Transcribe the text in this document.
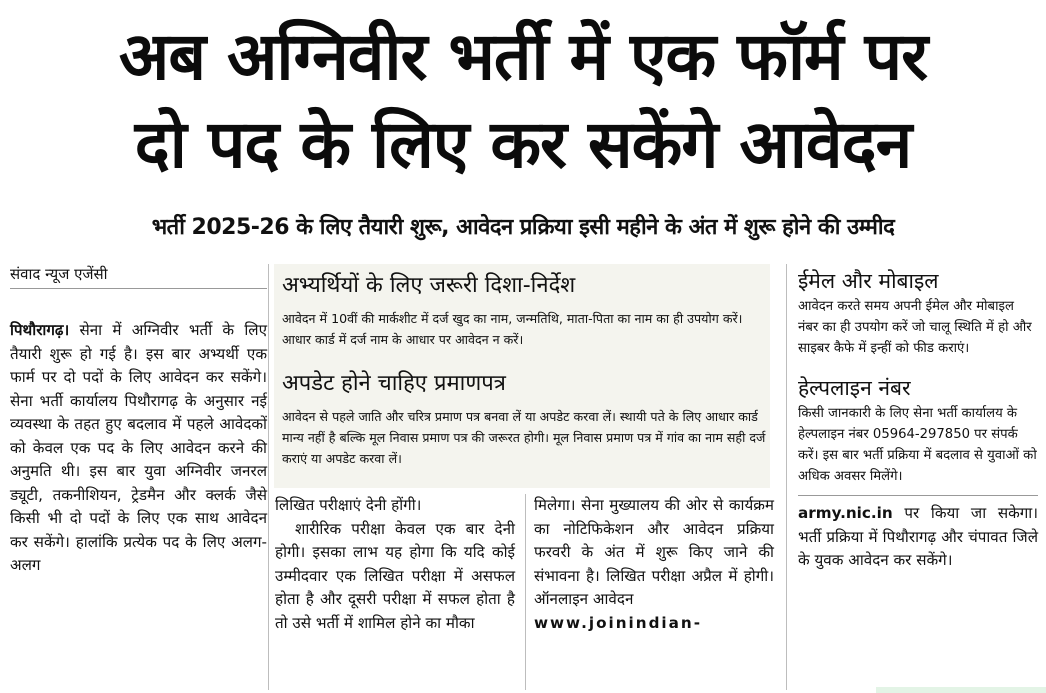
अब अग्निवीर भर्ती में एक फॉर्म पर
दो पद के लिए कर सकेंगे आवेदन
भर्ती 2025-26 के लिए तैयारी शुरू, आवेदन प्रक्रिया इसी महीने के अंत में शुरू होने की उम्मीद

संवाद न्यूज एजेंसी

पिथौरागढ़। सेना में अग्निवीर भर्ती के लिए तैयारी शुरू हो गई है। इस बार अभ्यर्थी एक फार्म पर दो पदों के लिए आवेदन कर सकेंगे। सेना भर्ती कार्यालय पिथौरागढ़ के अनुसार नई व्यवस्था के तहत हुए बदलाव में पहले आवेदकों को केवल एक पद के लिए आवेदन करने की अनुमति थी। इस बार युवा अग्निवीर जनरल ड्यूटी, तकनीशियन, ट्रेडमैन और क्लर्क जैसे किसी भी दो पदों के लिए एक साथ आवेदन कर सकेंगे। हालांकि प्रत्येक पद के लिए अलग-अलग

अभ्यर्थियों के लिए जरूरी दिशा-निर्देश

आवेदन में 10वीं की मार्कशीट में दर्ज खुद का नाम, जन्मतिथि, माता-पिता का नाम का ही उपयोग करें। आधार कार्ड में दर्ज नाम के आधार पर आवेदन न करें।

अपडेट होने चाहिए प्रमाणपत्र

आवेदन से पहले जाति और चरित्र प्रमाण पत्र बनवा लें या अपडेट करवा लें। स्थायी पते के लिए आधार कार्ड मान्य नहीं है बल्कि मूल निवास प्रमाण पत्र की जरूरत होगी। मूल निवास प्रमाण पत्र में गांव का नाम सही दर्ज कराएं या अपडेट करवा लें।

लिखित परीक्षाएं देनी होंगी।

शारीरिक परीक्षा केवल एक बार देनी होगी। इसका लाभ यह होगा कि यदि कोई उम्मीदवार एक लिखित परीक्षा में असफल होता है और दूसरी परीक्षा में सफल होता है तो उसे भर्ती में शामिल होने का मौका

मिलेगा। सेना मुख्यालय की ओर से कार्यक्रम का नोटिफिकेशन और आवेदन प्रक्रिया फरवरी के अंत में शुरू किए जाने की संभावना है। लिखित परीक्षा अप्रैल में होगी। ऑनलाइन आवेदन

www.joinindian-

ईमेल और मोबाइल

आवेदन करते समय अपनी ईमेल और मोबाइल नंबर का ही उपयोग करें जो चालू स्थिति में हो और साइबर कैफे में इन्हीं को फीड कराएं।

हेल्पलाइन नंबर

किसी जानकारी के लिए सेना भर्ती कार्यालय के हेल्पलाइन नंबर 05964-297850 पर संपर्क करें। इस बार भर्ती प्रक्रिया में बदलाव से युवाओं को अधिक अवसर मिलेंगे।

army.nic.in पर किया जा सकेगा। भर्ती प्रक्रिया में पिथौरागढ़ और चंपावत जिले के युवक आवेदन कर सकेंगे।
